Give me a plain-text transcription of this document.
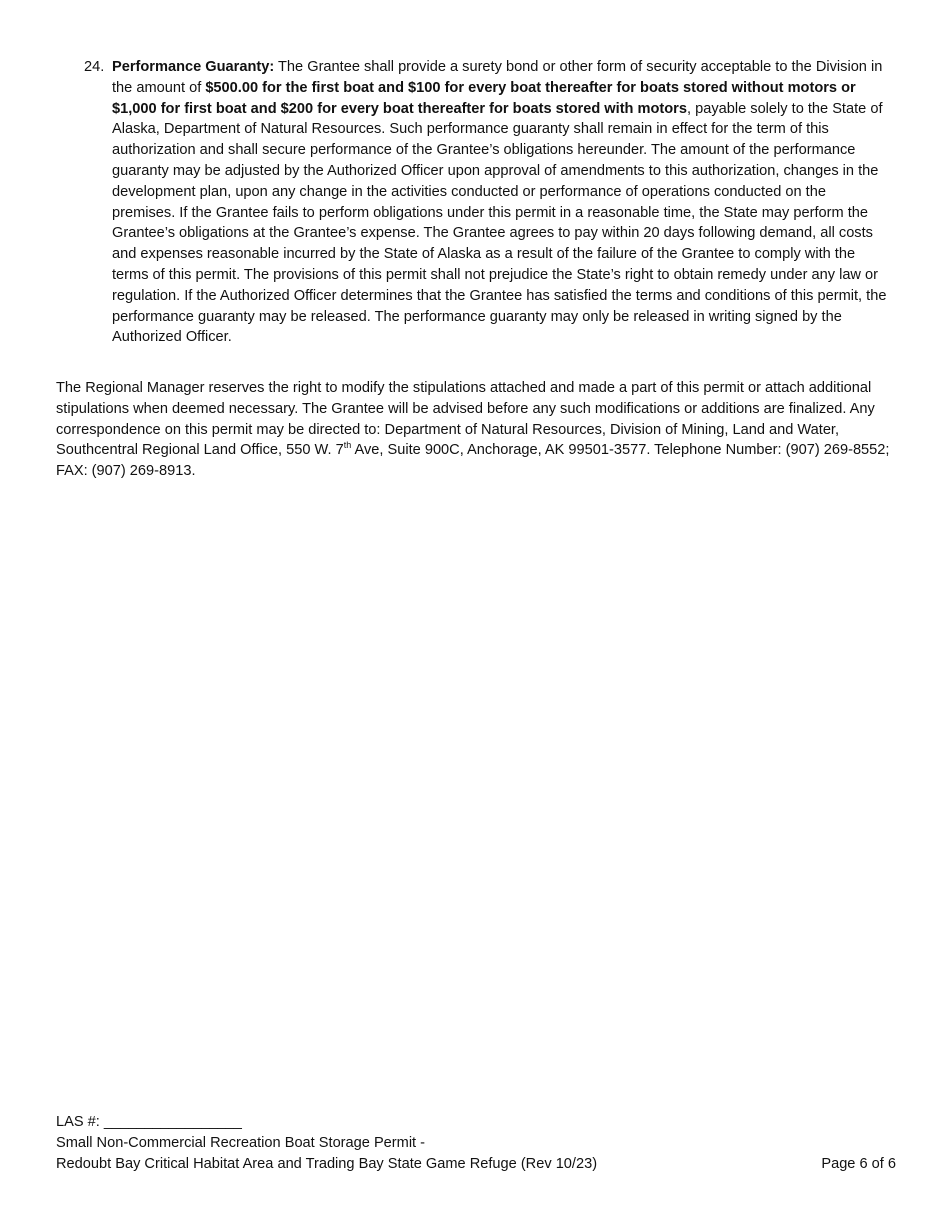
24. Performance Guaranty: The Grantee shall provide a surety bond or other form of security acceptable to the Division in the amount of $500.00 for the first boat and $100 for every boat thereafter for boats stored without motors or $1,000 for first boat and $200 for every boat thereafter for boats stored with motors, payable solely to the State of Alaska, Department of Natural Resources. Such performance guaranty shall remain in effect for the term of this authorization and shall secure performance of the Grantee’s obligations hereunder. The amount of the performance guaranty may be adjusted by the Authorized Officer upon approval of amendments to this authorization, changes in the development plan, upon any change in the activities conducted or performance of operations conducted on the premises. If the Grantee fails to perform obligations under this permit in a reasonable time, the State may perform the Grantee’s obligations at the Grantee’s expense. The Grantee agrees to pay within 20 days following demand, all costs and expenses reasonable incurred by the State of Alaska as a result of the failure of the Grantee to comply with the terms of this permit. The provisions of this permit shall not prejudice the State’s right to obtain remedy under any law or regulation. If the Authorized Officer determines that the Grantee has satisfied the terms and conditions of this permit, the performance guaranty may be released. The performance guaranty may only be released in writing signed by the Authorized Officer.
The Regional Manager reserves the right to modify the stipulations attached and made a part of this permit or attach additional stipulations when deemed necessary. The Grantee will be advised before any such modifications or additions are finalized. Any correspondence on this permit may be directed to: Department of Natural Resources, Division of Mining, Land and Water, Southcentral Regional Land Office, 550 W. 7th Ave, Suite 900C, Anchorage, AK 99501-3577. Telephone Number: (907) 269-8552; FAX: (907) 269-8913.
LAS #: _________________
Small Non-Commercial Recreation Boat Storage Permit -
Redoubt Bay Critical Habitat Area and Trading Bay State Game Refuge (Rev 10/23)	Page 6 of 6
